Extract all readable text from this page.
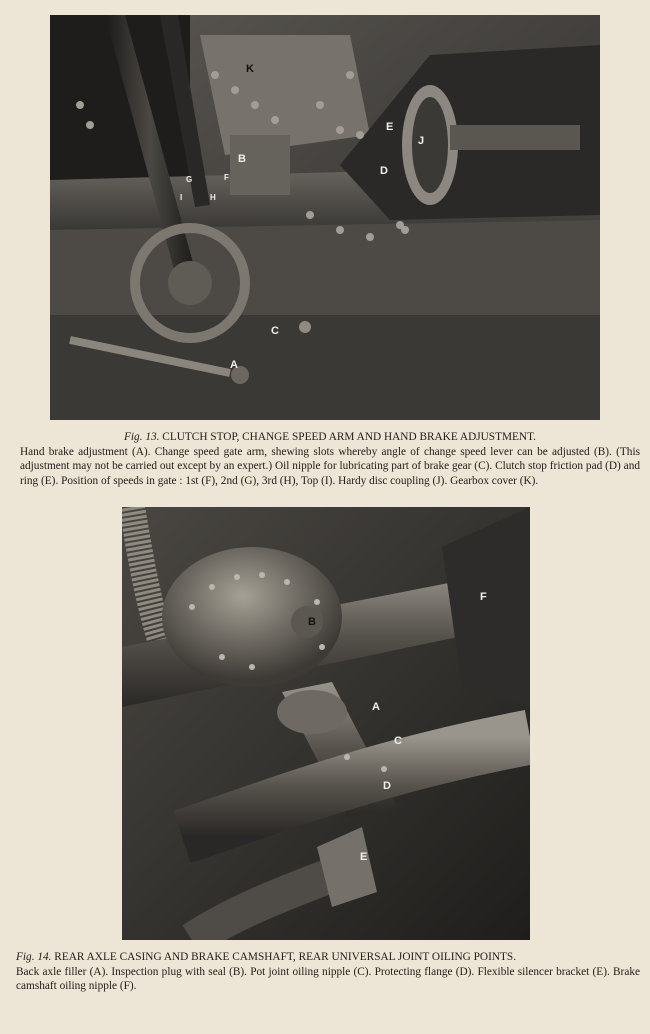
K
B
E
J
D
F
G
H
I
C
A
Fig. 13. CLUTCH STOP, CHANGE SPEED ARM AND HAND BRAKE ADJUSTMENT.

Hand brake adjustment (A). Change speed gate arm, shewing slots whereby angle of change speed lever can be adjusted (B). (This adjustment may not be carried out except by an expert.) Oil nipple for lubricating part of brake gear (C). Clutch stop friction pad (D) and ring (E). Position of speeds in gate : 1st (F), 2nd (G), 3rd (H), Top (I). Hardy disc coupling (J). Gearbox cover (K).

B
A
C
D
E
F

Fig. 14. REAR AXLE CASING AND BRAKE CAMSHAFT, REAR UNIVERSAL JOINT OILING POINTS.

Back axle filler (A). Inspection plug with seal (B). Pot joint oiling nipple (C). Protecting flange (D). Flexible silencer bracket (E). Brake camshaft oiling nipple (F).
